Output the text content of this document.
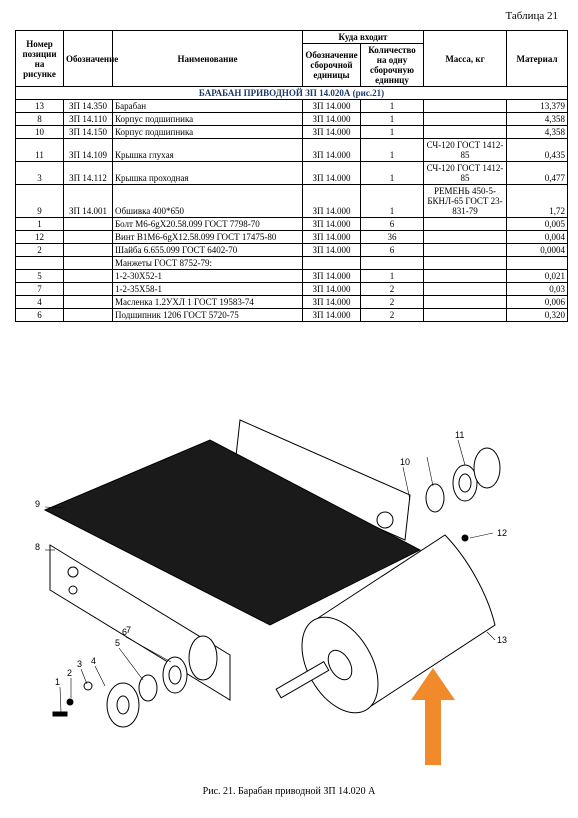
Таблица 21
Номер позиции на рисунке	Обозначение	Наименование	Куда входит		Масса, кг	Материал
			Обозначение сборочной единицы	Количество на одну сборочную единицу		
БАРАБАН ПРИВОДНОЙ ЗП 14.020А (рис.21)						
13	ЗП 14.350	Барабан	ЗП 14.000	1		13,379
8	ЗП 14.110	Корпус подшипника	ЗП 14.000	1		4,358
10	ЗП 14.150	Корпус подшипника	ЗП 14.000	1		4,358
11	ЗП 14.109	Крышка глухая	ЗП 14.000	1	СЧ-120 ГОСТ 1412-85	0,435
3	ЗП 14.112	Крышка проходная	ЗП 14.000	1	СЧ-120 ГОСТ 1412-85	0,477
9	ЗП 14.001	Обшивка 400*650	ЗП 14.000	1	РЕМЕНЬ 450-5-БКНЛ-65 ГОСТ 23-831-79	1,72
1		Болт М6-6gX20.58.099 ГОСТ 7798-70	ЗП 14.000	6		0,005
12		Винт В1М6-6gX12.58.099 ГОСТ 17475-80	ЗП 14.000	36		0,004
2		Шайба 6.655.099 ГОСТ 6402-70	ЗП 14.000	6		0,0004
		Манжеты ГОСТ 8752-79:				
5		1-2-30X52-1	ЗП 14.000	1		0,021
7		1-2-35X58-1	ЗП 14.000	2		0,03
4		Масленка 1.2УХЛ 1 ГОСТ 19583-74	ЗП 14.000	2		0,006
6		Подшипник 1206 ГОСТ 5720-75	ЗП 14.000	2		0,320
1
2
3 4
5
6
7
8
9
10
11
12
13
Рис. 21. Барабан приводной ЗП 14.020 А
